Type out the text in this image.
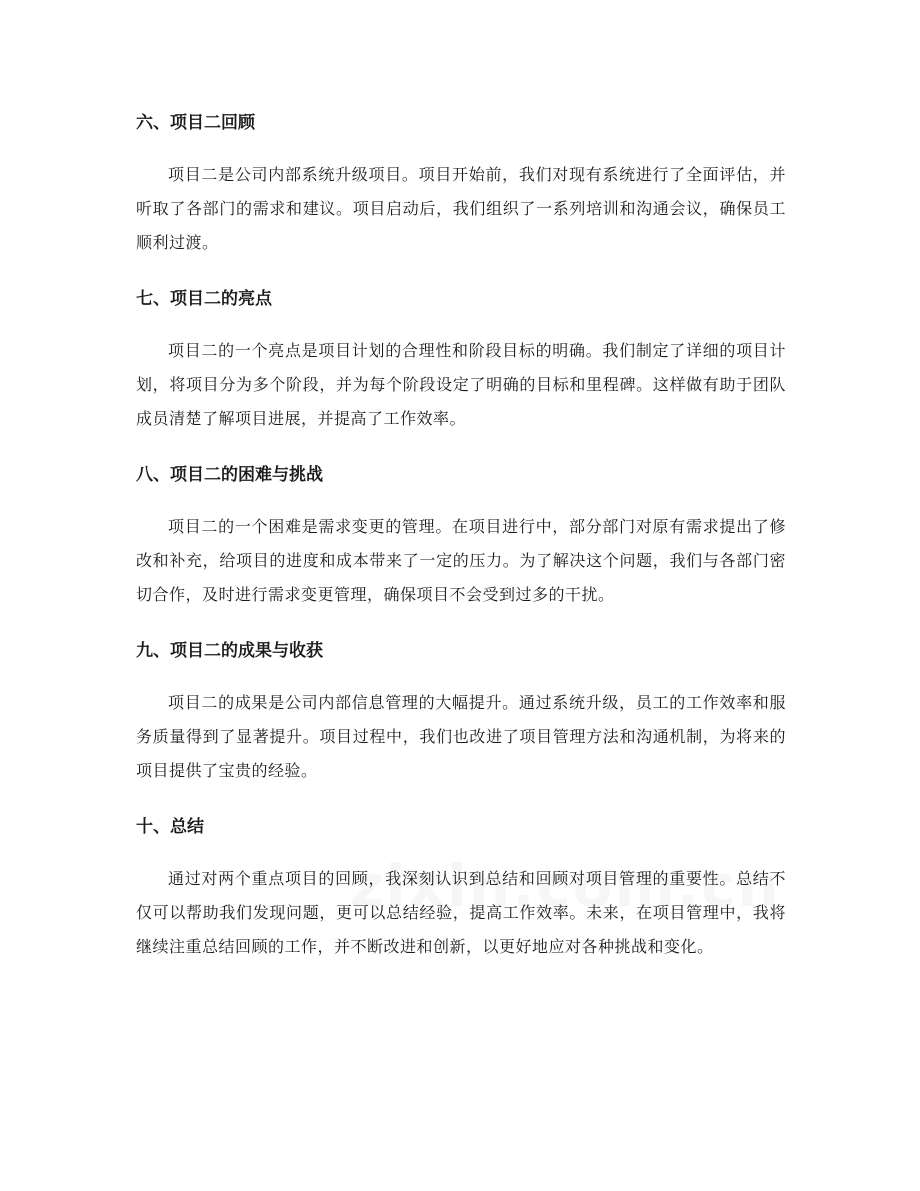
六、项目二回顾

项目二是公司内部系统升级项目。项目开始前，我们对现有系统进行了全面评估，并听取了各部门的需求和建议。项目启动后，我们组织了一系列培训和沟通会议，确保员工顺利过渡。

七、项目二的亮点

项目二的一个亮点是项目计划的合理性和阶段目标的明确。我们制定了详细的项目计划，将项目分为多个阶段，并为每个阶段设定了明确的目标和里程碑。这样做有助于团队成员清楚了解项目进展，并提高了工作效率。

八、项目二的困难与挑战

项目二的一个困难是需求变更的管理。在项目进行中，部分部门对原有需求提出了修改和补充，给项目的进度和成本带来了一定的压力。为了解决这个问题，我们与各部门密切合作，及时进行需求变更管理，确保项目不会受到过多的干扰。

九、项目二的成果与收获

项目二的成果是公司内部信息管理的大幅提升。通过系统升级，员工的工作效率和服务质量得到了显著提升。项目过程中，我们也改进了项目管理方法和沟通机制，为将来的项目提供了宝贵的经验。

十、总结

通过对两个重点项目的回顾，我深刻认识到总结和回顾对项目管理的重要性。总结不仅可以帮助我们发现问题，更可以总结经验，提高工作效率。未来，在项目管理中，我将继续注重总结回顾的工作，并不断改进和创新，以更好地应对各种挑战和变化。
